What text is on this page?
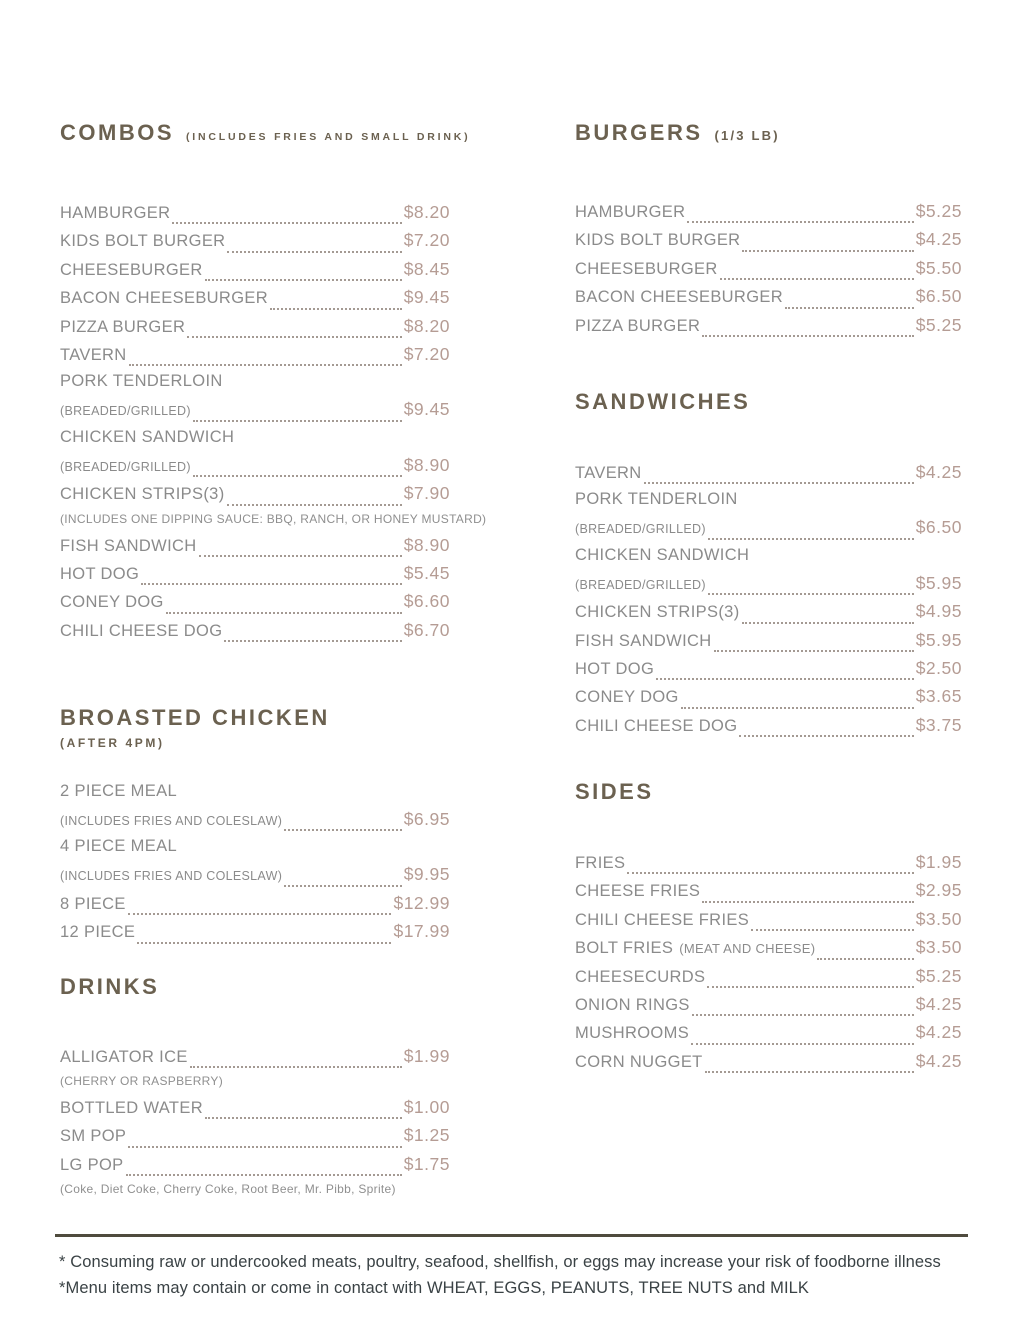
COMBOS (INCLUDES FRIES AND SMALL DRINK)
HAMBURGER	$8.20
KIDS BOLT BURGER	$7.20
CHEESEBURGER	$8.45
BACON CHEESEBURGER	$9.45
PIZZA BURGER	$8.20
TAVERN	$7.20
PORK TENDERLOIN
(BREADED/GRILLED)	$9.45
CHICKEN SANDWICH
(BREADED/GRILLED)	$8.90
CHICKEN STRIPS(3)	$7.90
(INCLUDES ONE DIPPING SAUCE: BBQ, RANCH, OR HONEY MUSTARD)
FISH SANDWICH	$8.90
HOT DOG	$5.45
CONEY DOG	$6.60
CHILI CHEESE DOG	$6.70
BROASTED CHICKEN
(AFTER 4PM)
2 PIECE MEAL
(INCLUDES FRIES AND COLESLAW)	$6.95
4 PIECE MEAL
(INCLUDES FRIES AND COLESLAW)	$9.95
8 PIECE	$12.99
12 PIECE	$17.99
DRINKS
ALLIGATOR ICE	$1.99
(CHERRY OR RASPBERRY)
BOTTLED WATER	$1.00
SM POP	$1.25
LG POP	$1.75
(Coke, Diet Coke, Cherry Coke, Root Beer, Mr. Pibb, Sprite)
BURGERS (1/3 LB)
HAMBURGER	$5.25
KIDS BOLT BURGER	$4.25
CHEESEBURGER	$5.50
BACON CHEESEBURGER	$6.50
PIZZA BURGER	$5.25
SANDWICHES
TAVERN	$4.25
PORK TENDERLOIN
(BREADED/GRILLED)	$6.50
CHICKEN SANDWICH
(BREADED/GRILLED)	$5.95
CHICKEN STRIPS(3)	$4.95
FISH SANDWICH	$5.95
HOT DOG	$2.50
CONEY DOG	$3.65
CHILI CHEESE DOG	$3.75
SIDES
FRIES	$1.95
CHEESE FRIES	$2.95
CHILI CHEESE FRIES	$3.50
BOLT FRIES (MEAT AND CHEESE)	$3.50
CHEESECURDS	$5.25
ONION RINGS	$4.25
MUSHROOMS	$4.25
CORN NUGGET	$4.25

* Consuming raw or undercooked meats, poultry, seafood, shellfish, or eggs may increase your risk of foodborne illness

*Menu items may contain or come in contact with WHEAT, EGGS, PEANUTS, TREE NUTS and MILK
